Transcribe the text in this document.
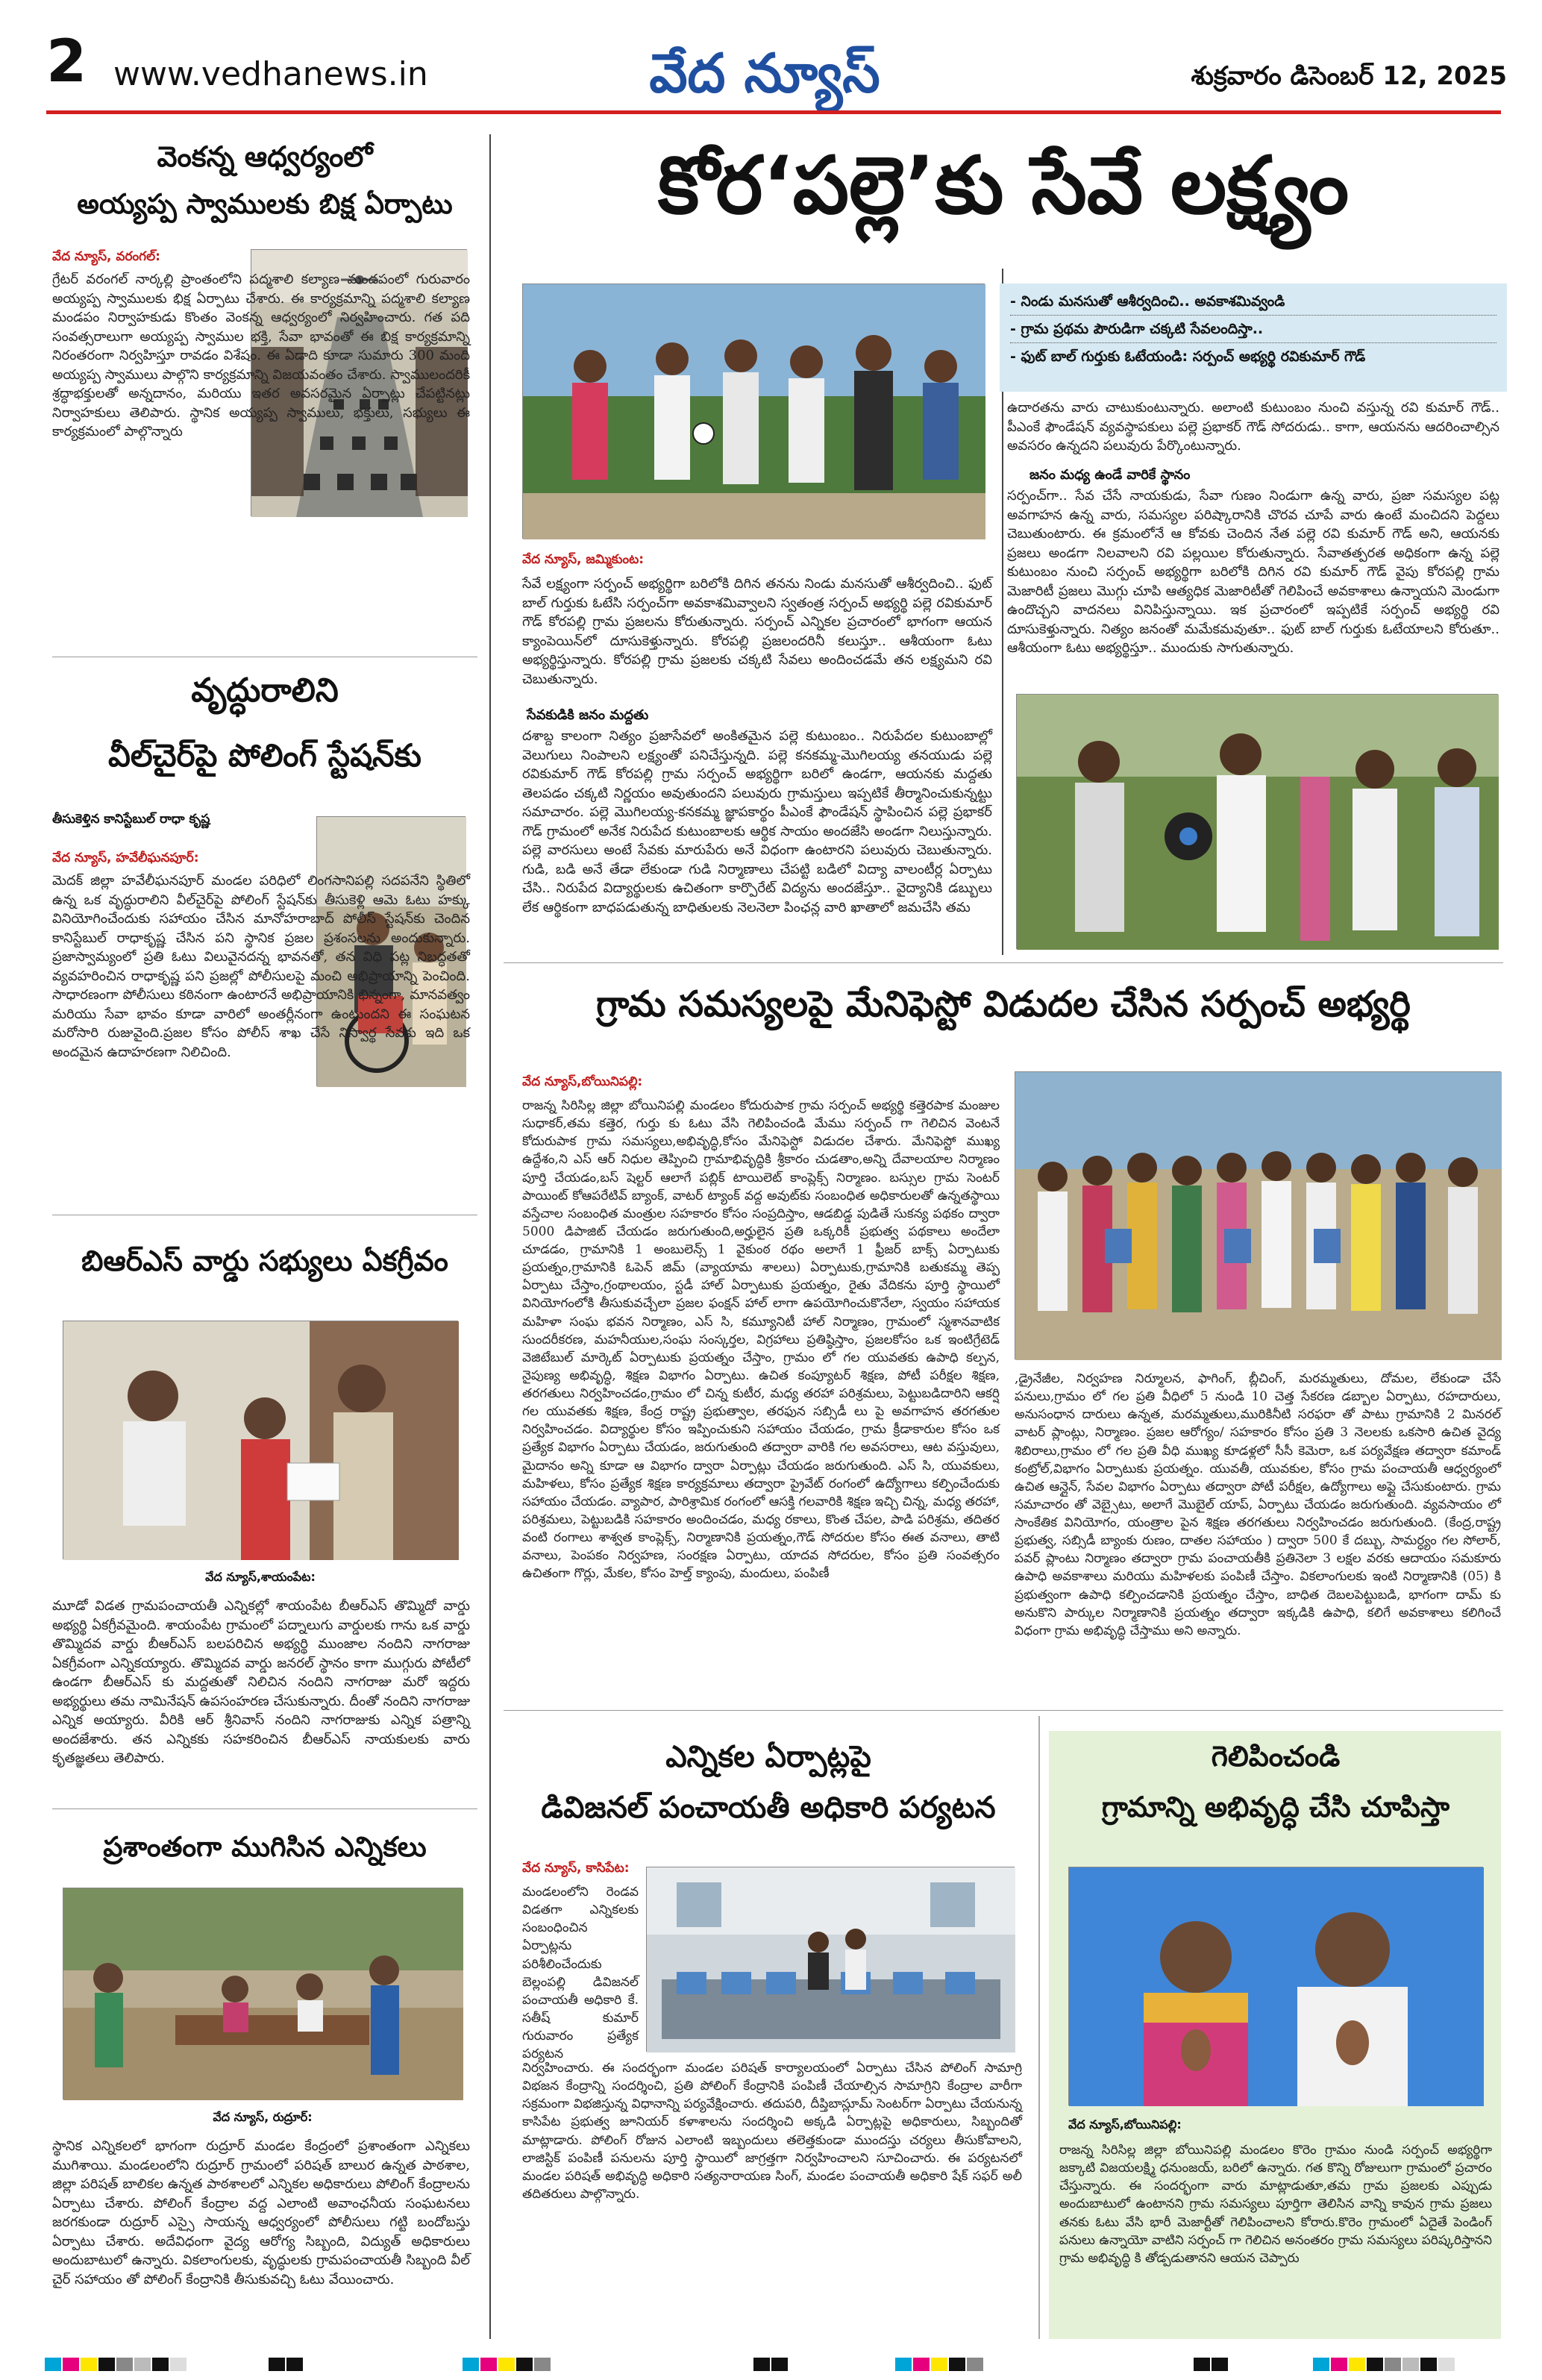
2 www.vedhanews.in	వేద న్యూస్	శుక్రవారం డిసెంబర్ 12, 2025
వెంకన్న ఆధ్వర్యంలో
అయ్యప్ప స్వాములకు బిక్ష ఏర్పాటు
వేద న్యూస్, వరంగల్:
గ్రేటర్ వరంగల్ నార్కల్లి ప్రాంతంలోని పద్మశాలి కల్యాణ మండపంలో గురువారం అయ్యప్ప స్వాములకు భిక్ష ఏర్పాటు చేశారు. ఈ కార్యక్రమాన్ని పద్మశాలి కల్యాణ మండపం నిర్వాహకుడు కొంతం వెంకన్న ఆధ్వర్యంలో నిర్వహించారు. గత పది సంవత్సరాలుగా అయ్యప్ప స్వాముల భక్తి, సేవా భావంతో ఈ బిక్ష కార్యక్రమాన్ని నిరంతరంగా నిర్వహిస్తూ రావడం విశేషం. ఈ ఏడాది కూడా సుమారు 300 మంది అయ్యప్ప స్వాములు పాల్గొని కార్యక్రమాన్ని విజయవంతం చేశారు. స్వాములందరికీ శ్రద్ధాభక్తులతో అన్నదానం, మరియు ఇతర అవసరమైన ఏర్పాట్లు చేపట్టినట్లు నిర్వాహకులు తెలిపారు. స్థానిక అయ్యప్ప స్వాములు, భక్తులు, సభ్యులు ఈ కార్యక్రమంలో పాల్గొన్నారు
వృద్ధురాలిని
వీల్‌చైర్‌పై పోలింగ్ స్టేషన్‌కు
తీసుకెళ్తిన కానిస్టేబుల్ రాధా కృష్ణ
వేద న్యూస్, హవేలీఘనపూర్:
మెదక్ జిల్లా హవేలీఘనపూర్ మండల పరిధిలో లింగసానిపల్లి సదపనేని స్థితిలో ఉన్న ఒక వృద్ధురాలిని వీల్‌చైర్‌పై పోలింగ్ స్టేషన్‌కు తీసుకెళ్లి ఆమె ఓటు హక్కు వినియోగించేందుకు సహాయం చేసిన మానోహరాబాద్ పోలీస్ స్టేషన్‌కు చెందిన కానిస్టేబుల్ రాధాకృష్ణ చేసిన పని స్థానిక ప్రజల ప్రశంసలను అందుకున్నారు. ప్రజాస్వామ్యంలో ప్రతి ఓటు విలువైనదన్న భావనతో, తన విధి పట్ల నిబద్ధతతో వ్యవహరించిన రాధాకృష్ణ పని ప్రజల్లో పోలీసులపై మంచి అభిప్రాయాన్ని పెంచింది. సాధారణంగా పోలీసులు కఠినంగా ఉంటారనే అభిప్రాయానికి భిన్నంగా, మానవత్వం మరియు సేవా భావం కూడా వారిలో అంతర్లీనంగా ఉంటుందని ఈ సంఘటన మరోసారి రుజువైంది.ప్రజల కోసం పోలీస్ శాఖ చేసే నిస్వార్థ సేవకు ఇది ఒక అందమైన ఉదాహరణగా నిలిచింది.
బిఆర్ఎస్ వార్డు సభ్యులు ఏకగ్రీవం
వేద న్యూస్,శాయంపేట:
మూడో విడత గ్రామపంచాయతీ ఎన్నికల్లో శాయంపేట బీఆర్ఎస్ తొమ్మిదో వార్డు అభ్యర్థి ఏకగ్రీవమైంది. శాయంపేట గ్రామంలో పద్నాలుగు వార్డులకు గాను ఒక వార్డు తొమ్మిదవ వార్డు బీఆర్ఎస్ బలపరిచిన అభ్యర్థి ముంజాల నందిని నాగరాజు ఏకగ్రీవంగా ఎన్నికయ్యారు. తొమ్మిదవ వార్డు జనరల్ స్థానం కాగా ముగ్గురు పోటీలో ఉండగా బీఆర్ఎస్ కు మద్దతుతో నిలిచిన నందిని నాగరాజు మరో ఇద్దరు అభ్యర్థులు తమ నామినేషన్ ఉపసంహరణ చేసుకున్నారు. దీంతో నందిని నాగరాజు ఎన్నిక అయ్యారు. వీరికి ఆర్ శ్రీనివాస్ నందిని నాగరాజుకు ఎన్నిక పత్రాన్ని అందజేశారు. తన ఎన్నికకు సహకరించిన బీఆర్ఎస్ నాయకులకు వారు కృతజ్ఞతలు తెలిపారు.
ప్రశాంతంగా ముగిసిన ఎన్నికలు
వేద న్యూస్, రుద్రూర్:
స్థానిక ఎన్నికలలో భాగంగా రుద్రూర్ మండల కేంద్రంలో ప్రశాంతంగా ఎన్నికలు ముగిశాయి. మండలంలోని రుద్రూర్ గ్రామంలో పరిషత్ బాలుర ఉన్నత పాఠశాల, జిల్లా పరిషత్ బాలికల ఉన్నత పాఠశాలలో ఎన్నికల అధికారులు పోలింగ్ కేంద్రాలను ఏర్పాటు చేశారు. పోలింగ్ కేంద్రాల వద్ద ఎలాంటి అవాంఛనీయ సంఘటనలు జరగకుండా రుద్రూర్ ఎస్సై సాయన్న ఆధ్వర్యంలో పోలీసులు గట్టి బందోబస్తు ఏర్పాటు చేశారు. అదేవిధంగా వైద్య ఆరోగ్య సిబ్బంది, విద్యుత్ అధికారులు అందుబాటులో ఉన్నారు. వికలాంగులకు, వృద్ధులకు గ్రామపంచాయతీ సిబ్బంది వీల్ చైర్ సహాయం తో పోలింగ్ కేంద్రానికి తీసుకువచ్చి ఓటు వేయించారు.
కోర‘పల్లె’కు సేవే లక్ష్యం
- నిండు మనసుతో ఆశీర్వదించి.. అవకాశమివ్వండి
- గ్రామ ప్రథమ పౌరుడిగా చక్కటి సేవలందిస్తా..
- ఫుట్ బాల్ గుర్తుకు ఓటేయండి: సర్పంచ్ అభ్యర్థి రవికుమార్ గౌడ్
ఉదారతను వారు చాటుకుంటున్నారు. అలాంటి కుటుంబం నుంచి వస్తున్న రవి కుమార్ గౌడ్.. పీఎంకే ఫౌండేషన్ వ్యవస్థాపకులు పల్లె ప్రభాకర్ గౌడ్ సోదరుడు.. కాగా, ఆయనను ఆదరించాల్సిన అవసరం ఉన్నదని పలువురు పేర్కొంటున్నారు.
జనం మధ్య ఉండే వారికే స్థానం
సర్పంచ్‌గా.. సేవ చేసే నాయకుడు, సేవా గుణం నిండుగా ఉన్న వారు, ప్రజా సమస్యల పట్ల అవగాహన ఉన్న వారు, సమస్యల పరిష్కారానికి చొరవ చూపే వారు ఉంటే మంచిదని పెద్దలు చెబుతుంటారు. ఈ క్రమంలోనే ఆ కోవకు చెందిన నేత పల్లె రవి కుమార్ గౌడ్ అని, ఆయనకు ప్రజలు అండగా నిలవాలని రవి పల్లయిల కోరుతున్నారు. సేవాతత్పరత అధికంగా ఉన్న పల్లె కుటుంబం నుంచి సర్పంచ్ అభ్యర్థిగా బరిలోకి దిగిన రవి కుమార్ గౌడ్ వైపు కోరపల్లి గ్రామ మెజారిటీ ప్రజలు మొగ్గు చూపి ఆత్యధిక మెజారిటీతో గెలిపించే అవకాశాలు ఉన్నాయని మెండుగా ఉందొచ్చని వాదనలు వినిపిస్తున్నాయి. ఇక ప్రచారంలో ఇప్పటికే సర్పంచ్ అభ్యర్థి రవి దూసుకెళ్తున్నారు. నిత్యం జనంతో మమేకమవుతూ.. ఫుట్ బాల్ గుర్తుకు ఓటేయాలని కోరుతూ.. ఆశీయంగా ఓటు అభ్యర్థిస్తూ.. ముందుకు సాగుతున్నారు.
వేద న్యూస్, జమ్మికుంట:
సేవే లక్ష్యంగా సర్పంచ్ అభ్యర్థిగా బరిలోకి దిగిన తనను నిండు మనసుతో ఆశీర్వదించి.. ఫుట్ బాల్ గుర్తుకు ఓటేసి సర్పంచ్‌గా అవకాశమివ్వాలని స్వతంత్ర సర్పంచ్ అభ్యర్థి పల్లె రవికుమార్ గౌడ్ కోరపల్లి గ్రామ ప్రజలను కోరుతున్నారు. సర్పంచ్ ఎన్నికల ప్రచారంలో భాగంగా ఆయన క్యాంపెయిన్‌లో దూసుకెళ్తున్నారు. కోరపల్లి ప్రజలందరినీ కలుస్తూ.. ఆశీయంగా ఓటు అభ్యర్థిస్తున్నారు. కోరపల్లి గ్రామ ప్రజలకు చక్కటి సేవలు అందించడమే తన లక్ష్యమని రవి చెబుతున్నారు.
సేవకుడికి జనం మద్దతు
దశాబ్ద కాలంగా నిత్యం ప్రజాసేవలో అంకితమైన పల్లె కుటుంబం.. నిరుపేదల కుటుంబాల్లో వెలుగులు నింపాలని లక్ష్యంతో పనిచేస్తున్నది. పల్లె కనకమ్మ-మొగిలయ్య తనయుడు పల్లె రవికుమార్ గౌడ్ కోరపల్లి గ్రామ సర్పంచ్ అభ్యర్థిగా బరిలో ఉండగా, ఆయనకు మద్దతు తెలపడం చక్కటి నిర్ణయం అవుతుందని పలువురు గ్రామస్తులు ఇప్పటికే తీర్మానించుకున్నట్టు సమాచారం. పల్లె మొగిలయ్య-కనకమ్మ జ్ఞాపకార్థం పీఎంకే ఫౌండేషన్ స్థాపించిన పల్లె ప్రభాకర్ గౌడ్ గ్రామంలో అనేక నిరుపేద కుటుంబాలకు ఆర్థిక సాయం అందజేసి అండగా నిలుస్తున్నారు. పల్లె వారసులు అంటే సేవకు మారుపేరు అనే విధంగా ఉంటారని పలువురు చెబుతున్నారు. గుడి, బడి అనే తేడా లేకుండా గుడి నిర్మాణాలు చేపట్టి బడిలో విద్యా వాలంటీర్ల ఏర్పాటు చేసి.. నిరుపేద విద్యార్థులకు ఉచితంగా కార్పొరేట్ విద్యను అందజేస్తూ.. వైద్యానికి డబ్బులు లేక ఆర్థికంగా బాధపడుతున్న బాధితులకు నెలనెలా పింఛన్ల వారి ఖాతాలో జమచేసి తమ
గ్రామ సమస్యలపై మేనిఫెస్టో విడుదల చేసిన సర్పంచ్ అభ్యర్థి
వేద న్యూస్,బోయినిపల్లి:
రాజన్న సిరిసిల్ల జిల్లా బోయినిపల్లి మండలం కోదురుపాక గ్రామ సర్పంచ్ అభ్యర్థి కత్తెరపాక మంజుల సుధాకర్,తమ కత్తెర, గుర్తు కు ఓటు వేసి గెలిపించండి మేము సర్పంచ్ గా గెలిచిన వెంటనే కోదురుపాక గ్రామ సమస్యలు,అభివృద్ధి,కోసం మేనిఫెస్టో విడుదల చేశారు. మేనిఫెస్టో ముఖ్య ఉద్దేశం,ని ఎస్ ఆర్ నిధుల తెప్పించి గ్రామాభివృద్ధికి శ్రీకారం చుడతాం,అన్ని దేవాలయాల నిర్మాణం పూర్తి చేయడం,బస్ షెల్టర్ ఆలాగే పబ్లిక్ టాయిలెట్ కాంప్లెక్స్ నిర్మాణం. బస్సుల గ్రామ సెంటర్ పాయింట్ కోఆపరేటివ్ బ్యాంక్, వాటర్ ట్యాంక్ వద్ద అవుట్‌కు సంబంధిత అధికారులతో ఉన్నతస్థాయి వస్తేచాల సంబంధిత మంత్రుల సహకారం కోసం సంప్రదిస్తాం, ఆడబిడ్డ పుడితే సుకన్య పథకం ద్వారా 5000 డిపాజిట్ చేయడం జరుగుతుంది,అర్హులైన ప్రతి ఒక్కరికీ ప్రభుత్వ పథకాలు అందేలా చూడడం, గ్రామానికి 1 అంబులెన్స్ 1 వైకుంఠ రథం అలాగే 1 ఫ్రీజర్ బాక్స్ ఏర్పాటుకు ప్రయత్నం,గ్రామానికి ఓపెన్ జిమ్ (వ్యాయామ శాలలు) ఏర్పాటుకు,గ్రామానికి బతుకమ్మ తెప్ప ఏర్పాటు చేస్తాం,గ్రంథాలయం, స్టడీ హాల్ ఏర్పాటుకు ప్రయత్నం, రైతు వేదికను పూర్తి స్థాయిలో వినియోగంలోకి తీసుకువచ్చేలా ప్రజల ఫంక్షన్ హాల్ లాగా ఉపయోగించుకొనేలా, స్వయం సహాయక మహిళా సంఘ భవన నిర్మాణం, ఎస్ సి, కమ్యూనిటీ హాల్ నిర్మాణం, గ్రామంలో స్మశానవాటిక సుందరీకరణ, మహనీయుల,సంఘ సంస్కర్తల, విగ్రహాలు ప్రతిష్ఠిస్తాం, ప్రజలకోసం ఒక ఇంటిగ్రేటెడ్ వెజిటేబుల్ మార్కెట్ ఏర్పాటుకు ప్రయత్నం చేస్తాం, గ్రామం లో గల యువతకు ఉపాధి కల్పన, నైపుణ్య అభివృద్ధి, శిక్షణ విభాగం ఏర్పాటు. ఉచిత కంప్యూటర్ శిక్షణ, పోటీ పరీక్షల శిక్షణ, తరగతులు నిర్వహించడం,గ్రామం లో చిన్న కుటీర, మధ్య తరహా పరిశ్రమలు, పెట్టుబడిదారిని ఆకర్షి గల యువతకు శిక్షణ, కేంద్ర రాష్ట్ర ప్రభుత్వాల, తరఫున సబ్సిడీ లు పై అవగాహన తరగతుల నిర్వహించడం. విద్యార్థుల కోసం ఇప్పించుకుని సహాయం చేయడం, గ్రామ క్రీడాకారుల కోసం ఒక ప్రత్యేక విభాగం ఏర్పాటు చేయడం, జరుగుతుంది తద్వారా వారికి గల అవసరాలు, ఆట వస్తువులు, మైదానం అన్ని కూడా ఆ విభాగం ద్వారా ఏర్పాట్లు చేయడం జరుగుతుంది. ఎస్ సి, యువకులు, మహిళలు, కోసం ప్రత్యేక శిక్షణ కార్యక్రమాలు తద్వారా ప్రైవేట్ రంగంలో ఉద్యోగాలు కల్పించేందుకు సహాయం చేయడం. వ్యాపార, పారిశ్రామిక రంగంలో ఆసక్తి గలవారికి శిక్షణ ఇచ్చి చిన్న, మధ్య తరహా, పరిశ్రమలు, పెట్టుబడికి సహకారం అందించడం, మధ్య రకాలు, కొంత చేపల, పాడి పరిశ్రమ, తదితర వంటి రంగాలు శాశ్వత కాంప్లెక్స్, నిర్మాణానికి ప్రయత్నం,గౌడ్ సోదరుల కోసం ఈత వనాలు, తాటి వనాలు, పెంపకం నిర్వహణ, సంరక్షణ ఏర్పాటు, యాదవ సోదరుల, కోసం ప్రతి సంవత్సరం ఉచితంగా గొర్లు, మేకల, కోసం హెల్త్ క్యాంపు, మందులు, పంపిణీ
,డ్రైనేజీల, నిర్వహణ నిర్మూలన, ఫాగింగ్, బ్లీచింగ్, మరమ్మతులు, దోమల, లేకుండా చేసే పనులు,గ్రామం లో గల ప్రతి వీధిలో 5 నుండి 10 చెత్త సేకరణ డబ్బాల ఏర్పాటు, రహదారులు, అనుసంధాన దారులు ఉన్నత, మరమ్మతులు,మురికినీటి సరఫరా తో పాటు గ్రామానికి 2 మినరల్ వాటర్ ప్లాంట్లు, నిర్మాణం. ప్రజల ఆరోగ్యం/ సహకారం కోసం ప్రతి 3 నెలలకు ఒకసారి ఉచిత వైద్య శిబిరాలు,గ్రామం లో గల ప్రతి వీధి ముఖ్య కూడళ్లలో సీసీ కెమెరా, ఒక పర్యవేక్షణ తద్వారా కమాండ్ కంట్రోల్,విభాగం ఏర్పాటుకు ప్రయత్నం. యువతీ, యువకుల, కోసం గ్రామ పంచాయతీ ఆధ్వర్యంలో ఉచిత ఆన్లైన్, సేవల విభాగం ఏర్పాటు తద్వారా పోటీ పరీక్షల, ఉద్యోగాలు అప్లై చేసుకుంటారు. గ్రామ సమాచారం తో వెబ్సైటు, అలాగే మొబైల్ యాప్, ఏర్పాటు చేయడం జరుగుతుంది. వ్యవసాయం లో సాంకేతిక వినియోగం, యంత్రాల పైన శిక్షణ తరగతులు నిర్వహించడం జరుగుతుంది. (కేంద్ర,రాష్ట్ర ప్రభుత్వ, సబ్సిడీ బ్యాంకు రుణం, దాతల సహాయం ) ద్వారా 500 కే దబ్బు, సామర్ధ్యం గల సోలార్, పవర్ ప్లాంటు నిర్మాణం తద్వారా గ్రామ పంచాయతీకి ప్రతినెలా 3 లక్షల వరకు ఆదాయం సమకూరు ఉపాధి అవకాశాలు మరియు మహిళలకు పంపిణీ చేస్తాం. వికలాంగులకు ఇంటి నిర్మాణానికి (05) కి ప్రభుత్వంగా ఉపాధి కల్పించడానికి ప్రయత్నం చేస్తాం, బాధిత దెబలపెట్టుబడి, భాగంగా దామ్ కు అనుకొని పార్కుల నిర్మాణానికి ప్రయత్నం తద్వారా ఇక్కడికి ఉపాధి, కలిగే అవకాశాలు కలిగించే విధంగా గ్రామ అభివృద్ధి చేస్తాము అని అన్నారు.
ఎన్నికల ఏర్పాట్లపై
డివిజనల్ పంచాయతీ అధికారి పర్యటన
వేద న్యూస్, కాసిపేట:
మండలంలోని రెండవ విడతగా ఎన్నికలకు సంబంధించిన ఏర్పాట్లను పరిశీలించేందుకు బెల్లంపల్లి డివిజనల్ పంచాయతీ అధికారి కే. సతీష్ కుమార్ గురువారం ప్రత్యేక పర్యటన
నిర్వహించారు. ఈ సందర్భంగా మండల పరిషత్ కార్యాలయంలో ఏర్పాటు చేసిన పోలింగ్ సామాగ్రి విభజన కేంద్రాన్ని సందర్శించి, ప్రతి పోలింగ్ కేంద్రానికి పంపిణీ చేయాల్సిన సామాగ్రిని కేంద్రాల వారీగా సక్రమంగా విభజిస్తున్న విధానాన్ని పర్యవేక్షించారు. తదుపరి, దీప్తిబాస్లూమ్ సెంటర్‌గా ఏర్పాటు చేయనున్న కాసిపేట ప్రభుత్వ జూనియర్ కళాశాలను సందర్శించి అక్కడి ఏర్పాట్లపై అధికారులు, సిబ్బందితో మాట్లాడారు. పోలింగ్ రోజున ఎలాంటి ఇబ్బందులు తలెత్తకుండా ముందస్తు చర్యలు తీసుకోవాలని, లాజిస్టిక్ పంపిణీ పనులను పూర్తి స్థాయిలో జాగ్రత్తగా నిర్వహించాలని సూచించారు. ఈ పర్యటనలో మండల పరిషత్ అభివృద్ధి అధికారి సత్యనారాయణ సింగ్, మండల పంచాయతీ అధికారి షేక్ సఫర్ అలీ తదితరులు పాల్గొన్నారు.
గెలిపించండి
గ్రామాన్ని అభివృద్ధి చేసి చూపిస్తా
వేద న్యూస్,బోయినిపల్లి:
రాజన్న సిరిసిల్ల జిల్లా బోయినిపల్లి మండలం కొరెం గ్రామం నుండి సర్పంచ్ అభ్యర్థిగా జక్కాటి విజయలక్ష్మి ధనుంజయ్, బరిలో ఉన్నారు. గత కొన్ని రోజులుగా గ్రామంలో ప్రచారం చేస్తున్నారు. ఈ సందర్భంగా వారు మాట్లాడుతూ,తమ గ్రామ ప్రజలకు ఎప్పుడు అందుబాటులో ఉంటానని గ్రామ సమస్యలు పూర్తిగా తెలిసిన వాన్ని కావున గ్రామ ప్రజలు తనకు ఓటు వేసి భారీ మెజార్టీతో గెలిపించాలని కోరారు.కొరెం గ్రామంలో ఏదైతే పెండింగ్ పనులు ఉన్నాయో వాటిని సర్పంచ్ గా గెలిచిన అనంతరం గ్రామ సమస్యలు పరిష్కరిస్తానని గ్రామ అభివృద్ధి కి తోడ్పడుతానని ఆయన చెప్పారు
